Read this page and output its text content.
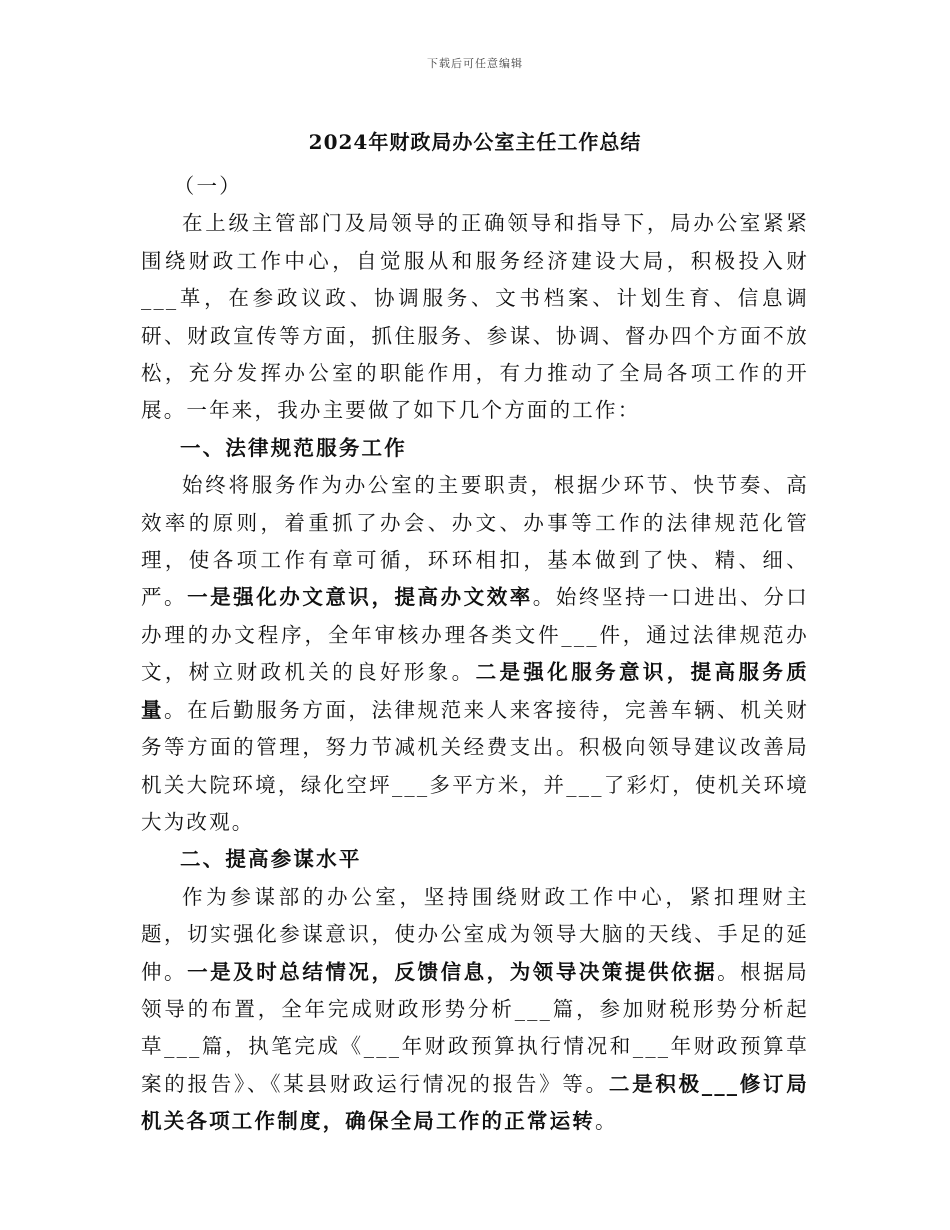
下载后可任意编辑
2024年财政局办公室主任工作总结

（一）

在上级主管部门及局领导的正确领导和指导下，局办公室紧紧围绕财政工作中心，自觉服从和服务经济建设大局，积极投入财___革，在参政议政、协调服务、文书档案、计划生育、信息调研、财政宣传等方面，抓住服务、参谋、协调、督办四个方面不放松，充分发挥办公室的职能作用，有力推动了全局各项工作的开展。一年来，我办主要做了如下几个方面的工作：

一、法律规范服务工作

始终将服务作为办公室的主要职责，根据少环节、快节奏、高效率的原则，着重抓了办会、办文、办事等工作的法律规范化管理，使各项工作有章可循，环环相扣，基本做到了快、精、细、严。一是强化办文意识，提高办文效率。始终坚持一口进出、分口办理的办文程序，全年审核办理各类文件___件，通过法律规范办文，树立财政机关的良好形象。二是强化服务意识，提高服务质量。在后勤服务方面，法律规范来人来客接待，完善车辆、机关财务等方面的管理，努力节减机关经费支出。积极向领导建议改善局机关大院环境，绿化空坪___多平方米，并___了彩灯，使机关环境大为改观。

二、提高参谋水平

作为参谋部的办公室，坚持围绕财政工作中心，紧扣理财主题，切实强化参谋意识，使办公室成为领导大脑的天线、手足的延伸。一是及时总结情况，反馈信息，为领导决策提供依据。根据局领导的布置，全年完成财政形势分析___篇，参加财税形势分析起草___篇，执笔完成《___年财政预算执行情况和___年财政预算草案的报告》、《某县财政运行情况的报告》等。二是积极___修订局机关各项工作制度，确保全局工作的正常运转。
